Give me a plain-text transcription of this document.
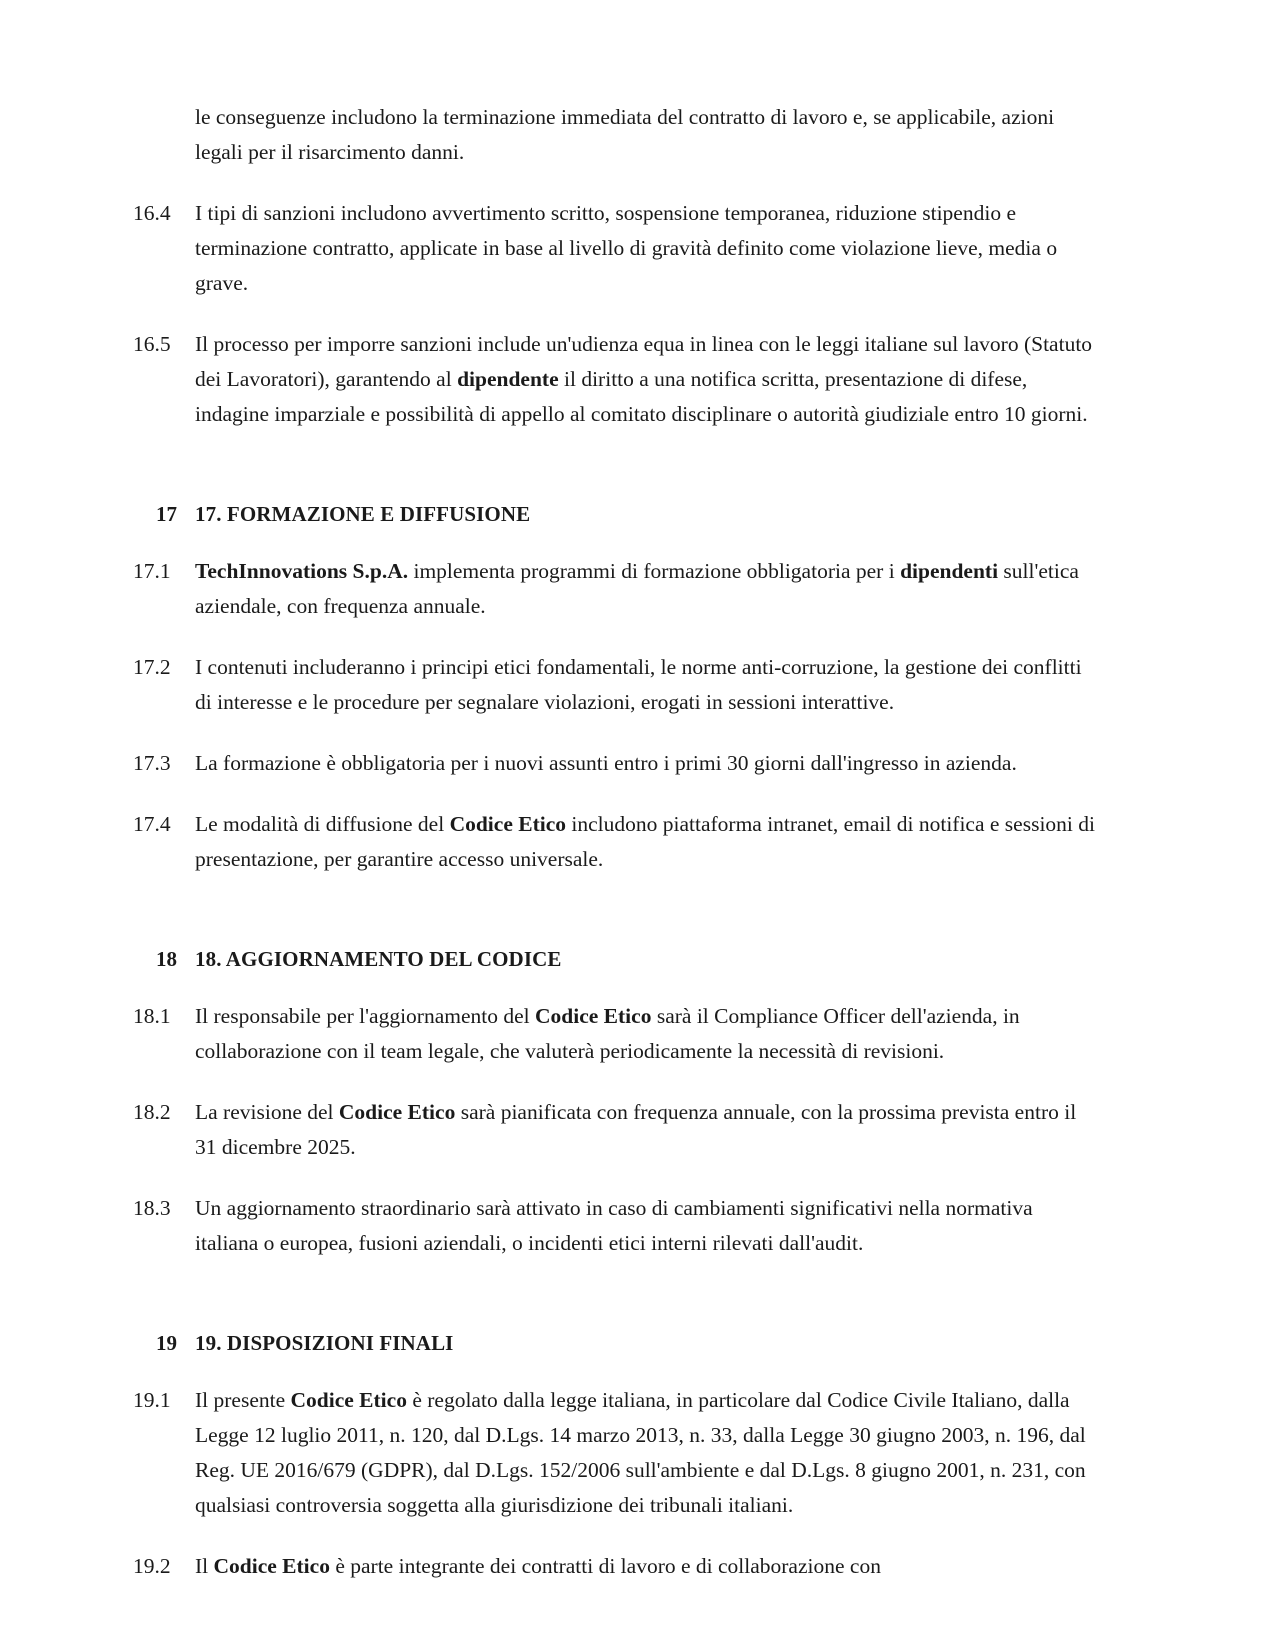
le conseguenze includono la terminazione immediata del contratto di lavoro e, se applicabile, azioni legali per il risarcimento danni.
16.4	I tipi di sanzioni includono avvertimento scritto, sospensione temporanea, riduzione stipendio e terminazione contratto, applicate in base al livello di gravità definito come violazione lieve, media o grave.
16.5	Il processo per imporre sanzioni include un'udienza equa in linea con le leggi italiane sul lavoro (Statuto dei Lavoratori), garantendo al dipendente il diritto a una notifica scritta, presentazione di difese, indagine imparziale e possibilità di appello al comitato disciplinare o autorità giudiziale entro 10 giorni.
17 17. FORMAZIONE E DIFFUSIONE
17.1	TechInnovations S.p.A. implementa programmi di formazione obbligatoria per i dipendenti sull'etica aziendale, con frequenza annuale.
17.2	I contenuti includeranno i principi etici fondamentali, le norme anti-corruzione, la gestione dei conflitti di interesse e le procedure per segnalare violazioni, erogati in sessioni interattive.
17.3	La formazione è obbligatoria per i nuovi assunti entro i primi 30 giorni dall'ingresso in azienda.
17.4	Le modalità di diffusione del Codice Etico includono piattaforma intranet, email di notifica e sessioni di presentazione, per garantire accesso universale.
18 18. AGGIORNAMENTO DEL CODICE
18.1	Il responsabile per l'aggiornamento del Codice Etico sarà il Compliance Officer dell'azienda, in collaborazione con il team legale, che valuterà periodicamente la necessità di revisioni.
18.2	La revisione del Codice Etico sarà pianificata con frequenza annuale, con la prossima prevista entro il 31 dicembre 2025.
18.3	Un aggiornamento straordinario sarà attivato in caso di cambiamenti significativi nella normativa italiana o europea, fusioni aziendali, o incidenti etici interni rilevati dall'audit.
19 19. DISPOSIZIONI FINALI
19.1	Il presente Codice Etico è regolato dalla legge italiana, in particolare dal Codice Civile Italiano, dalla Legge 12 luglio 2011, n. 120, dal D.Lgs. 14 marzo 2013, n. 33, dalla Legge 30 giugno 2003, n. 196, dal Reg. UE 2016/679 (GDPR), dal D.Lgs. 152/2006 sull'ambiente e dal D.Lgs. 8 giugno 2001, n. 231, con qualsiasi controversia soggetta alla giurisdizione dei tribunali italiani.
19.2	Il Codice Etico è parte integrante dei contratti di lavoro e di collaborazione con
